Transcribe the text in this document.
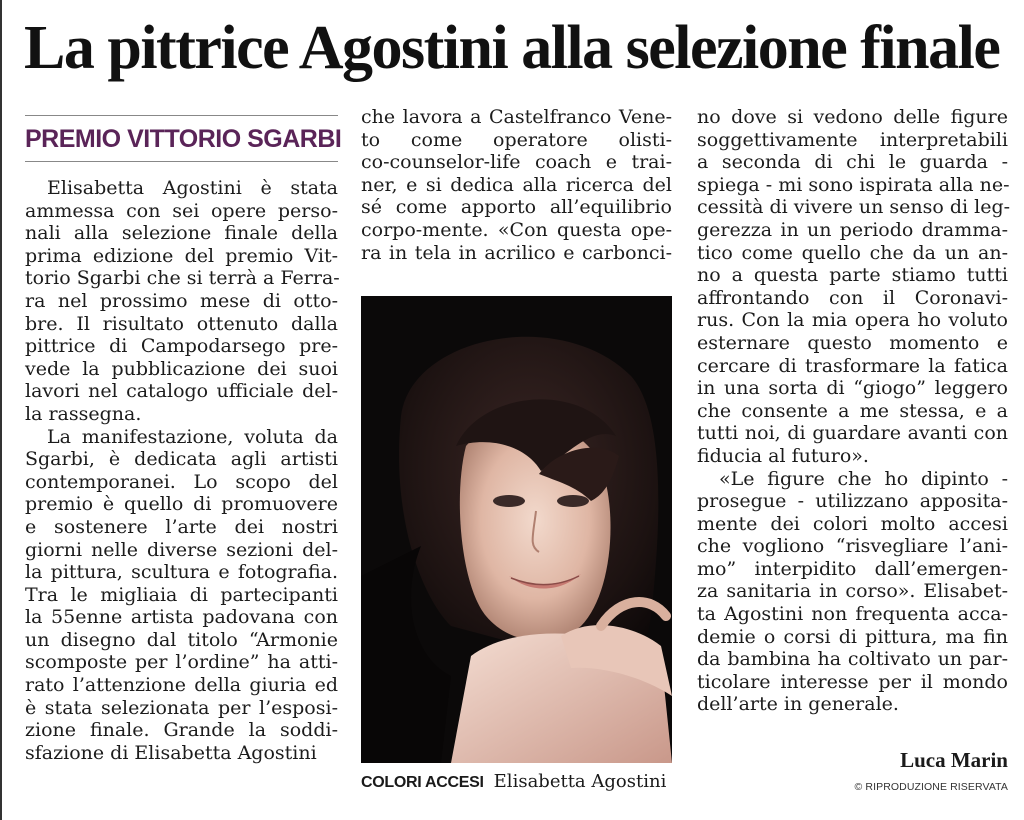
La pittrice Agostini alla selezione finale
PREMIO VITTORIO SGARBI
Elisabetta Agostini è stata
ammessa con sei opere perso-
nali alla selezione finale della
prima edizione del premio Vit-
torio Sgarbi che si terrà a Ferra-
ra nel prossimo mese di otto-
bre. Il risultato ottenuto dalla
pittrice di Campodarsego pre-
vede la pubblicazione dei suoi
lavori nel catalogo ufficiale del-
la rassegna.
La manifestazione, voluta da
Sgarbi, è dedicata agli artisti
contemporanei. Lo scopo del
premio è quello di promuovere
e sostenere l’arte dei nostri
giorni nelle diverse sezioni del-
la pittura, scultura e fotografia.
Tra le migliaia di partecipanti
la 55enne artista padovana con
un disegno dal titolo “Armonie
scomposte per l’ordine” ha atti-
rato l’attenzione della giuria ed
è stata selezionata per l’esposi-
zione finale. Grande la soddi-
sfazione di Elisabetta Agostini
che lavora a Castelfranco Vene-
to come operatore olisti-
co-counselor-life coach e trai-
ner, e si dedica alla ricerca del
sé come apporto all’equilibrio
corpo-mente. «Con questa ope-
ra in tela in acrilico e carbonci-
no dove si vedono delle figure
soggettivamente interpretabili
a seconda di chi le guarda -
spiega - mi sono ispirata alla ne-
cessità di vivere un senso di leg-
gerezza in un periodo dramma-
tico come quello che da un an-
no a questa parte stiamo tutti
affrontando con il Coronavi-
rus. Con la mia opera ho voluto
esternare questo momento e
cercare di trasformare la fatica
in una sorta di “giogo” leggero
che consente a me stessa, e a
tutti noi, di guardare avanti con
fiducia al futuro».
«Le figure che ho dipinto -
prosegue - utilizzano apposita-
mente dei colori molto accesi
che vogliono “risvegliare l’ani-
mo” interpidito dall’emergen-
za sanitaria in corso». Elisabet-
ta Agostini non frequenta acca-
demie o corsi di pittura, ma fin
da bambina ha coltivato un par-
ticolare interesse per il mondo
dell’arte in generale.
COLORI ACCESI Elisabetta Agostini
Luca Marin
© RIPRODUZIONE RISERVATA
